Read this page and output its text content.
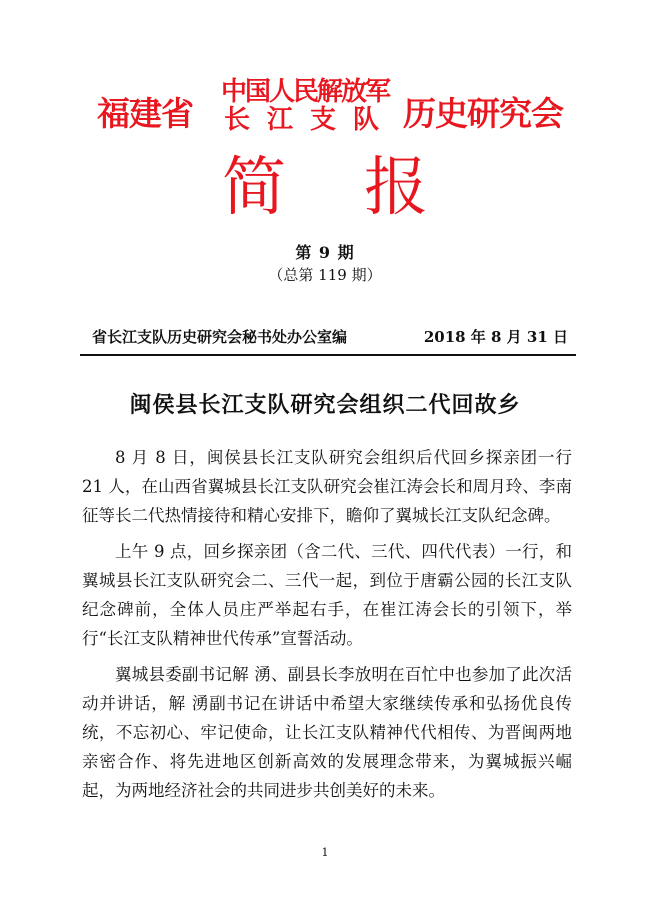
福建省
中国人民解放军
长江支队 历史研究会
简报
第 9 期
（总第 119 期）
省长江支队历史研究会秘书处办公室编	2018 年 8 月 31 日
闽侯县长江支队研究会组织二代回故乡

8 月 8 日，闽侯县长江支队研究会组织后代回乡探亲团一行 21 人，在山西省翼城县长江支队研究会崔江涛会长和周月玲、李南征等长二代热情接待和精心安排下，瞻仰了翼城长江支队纪念碑。

上午 9 点，回乡探亲团（含二代、三代、四代代表）一行，和翼城县长江支队研究会二、三代一起，到位于唐霸公园的长江支队纪念碑前，全体人员庄严举起右手，在崔江涛会长的引领下，举行“长江支队精神世代传承”宣誓活动。

翼城县委副书记解 湧、副县长李放明在百忙中也参加了此次活动并讲话，解 湧副书记在讲话中希望大家继续传承和弘扬优良传统，不忘初心、牢记使命，让长江支队精神代代相传、为晋闽两地亲密合作、将先进地区创新高效的发展理念带来，为翼城振兴崛起，为两地经济社会的共同进步共创美好的未来。

1
